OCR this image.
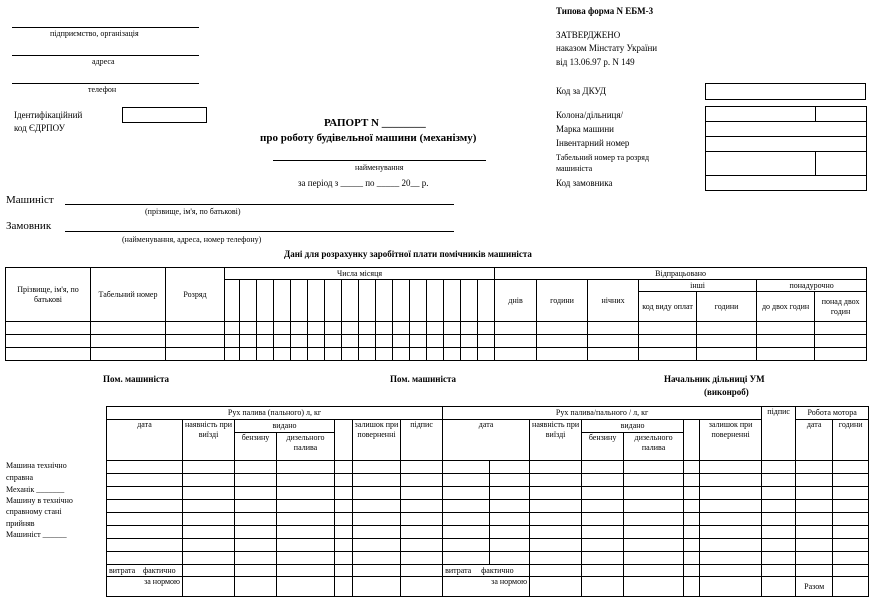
підприємство, організація
адреса
телефон
Ідентифікаційний
код ЄДРПОУ	РАПОРТ N ________
про роботу будівельної машини (механізму)
найменування
за період з _____ по _____ 20__ р.
Типова форма N ЕБМ-3
ЗАТВЕРДЖЕНО
наказом Мінстату України
від 13.06.97 р. N 149
Код за ДКУД
Колона/дільниця/
Марка машини
Інвентарний номер
Табельний номер та розряд
машиніста
Код замовника

Машиніст
(прізвище, ім'я, по батькові)
Замовник
(найменування, адреса, номер телефону)
Дані для розрахунку заробітної плати помічників машиніста
Прізвище, ім'я, по батькові	Табельний номер	Розряд	Числа місяця																Відпрацьовано						
																			днів	години	нічних	інші		понадурочно	
																						код виду оплат	години	до двох годин	понад двох годин

Пом. машиніста	Пом. машиніста	Начальник дільниці УМ
(виконроб)
Машина технічно
справна
Механік _______
Машину в технічно
справному стані
прийняв
Машиніст ______
Рух палива (пального) л, кг							Рух палива/пального / л, кг							підпис	Робота мотора	
дата	наявність при виїзді	видано			залишок при поверненні	підпис	дата		наявність при виїзді	видано			залишок при поверненні		дата	години
		бензину	дизельного палива							бензину	дизельного палива					

витрата фактично							витрата фактично									
за нормою							за нормою								Разом	
